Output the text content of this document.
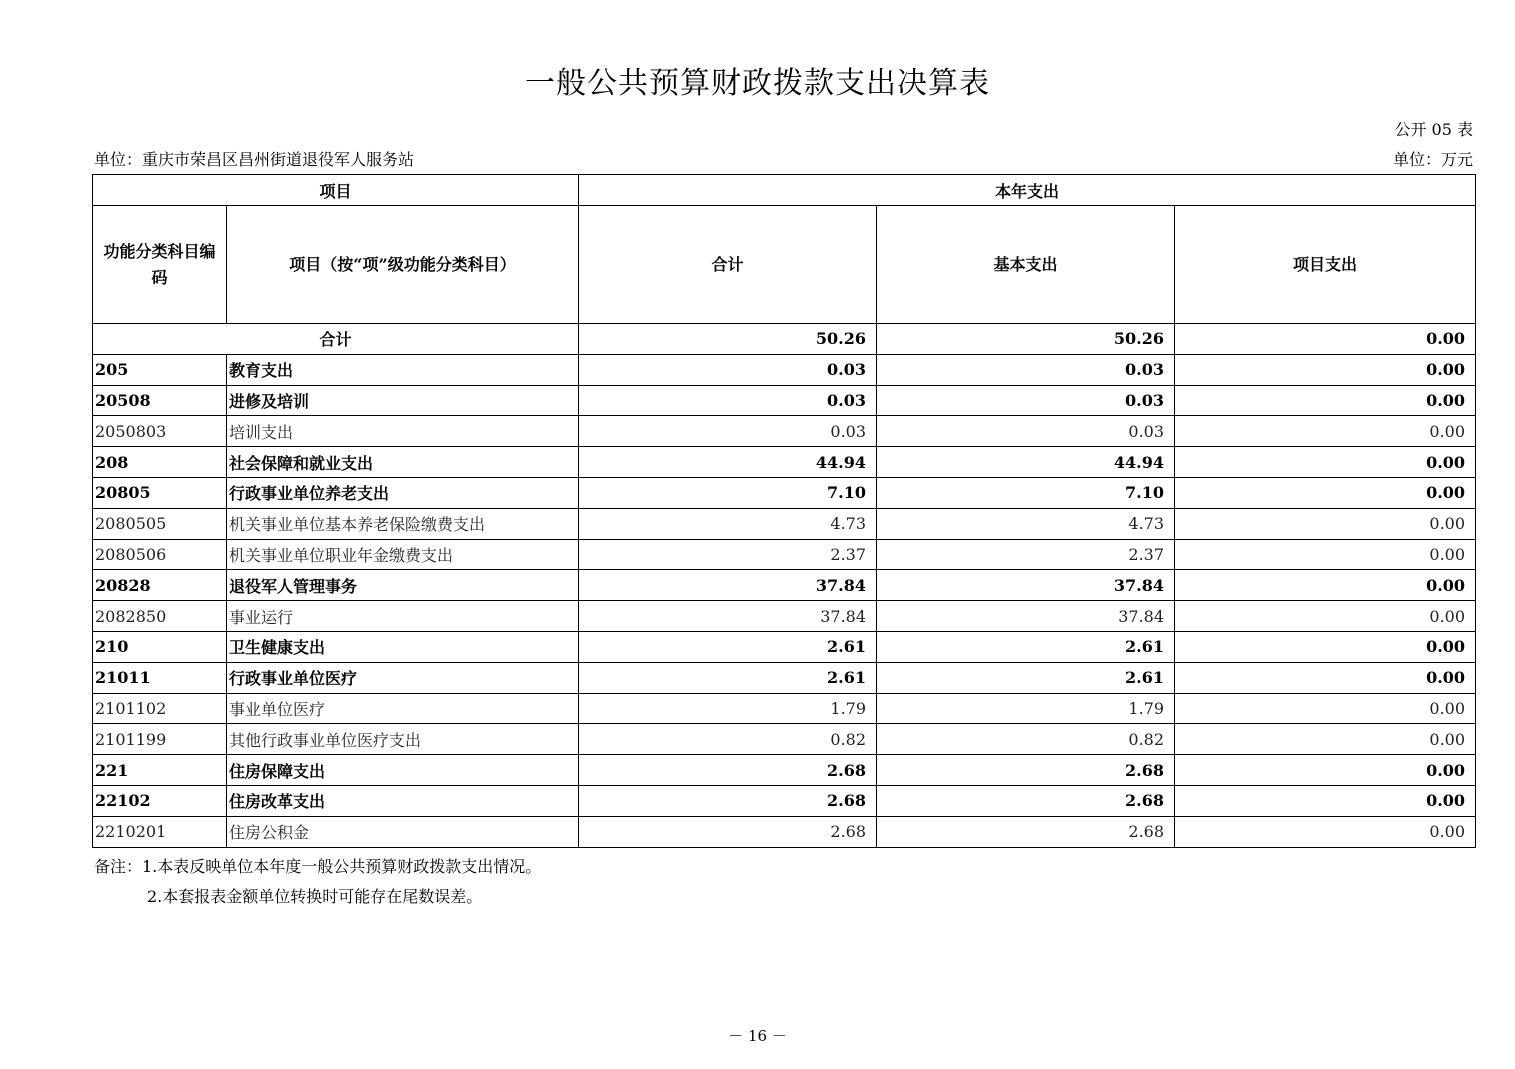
一般公共预算财政拨款支出决算表
公开 05 表
单位：重庆市荣昌区昌州街道退役军人服务站	单位：万元
项目		本年支出		
功能分类科目编码	项目（按“项”级功能分类科目）	合计	基本支出	项目支出
合计		50.26	50.26	0.00
205	教育支出	0.03	0.03	0.00
20508	进修及培训	0.03	0.03	0.00
2050803	培训支出	0.03	0.03	0.00
208	社会保障和就业支出	44.94	44.94	0.00
20805	行政事业单位养老支出	7.10	7.10	0.00
2080505	机关事业单位基本养老保险缴费支出	4.73	4.73	0.00
2080506	机关事业单位职业年金缴费支出	2.37	2.37	0.00
20828	退役军人管理事务	37.84	37.84	0.00
2082850	事业运行	37.84	37.84	0.00
210	卫生健康支出	2.61	2.61	0.00
21011	行政事业单位医疗	2.61	2.61	0.00
2101102	事业单位医疗	1.79	1.79	0.00
2101199	其他行政事业单位医疗支出	0.82	0.82	0.00
221	住房保障支出	2.68	2.68	0.00
22102	住房改革支出	2.68	2.68	0.00
2210201	住房公积金	2.68	2.68	0.00
备注：1.本表反映单位本年度一般公共预算财政拨款支出情况。
2.本套报表金额单位转换时可能存在尾数误差。
－ 16 －
